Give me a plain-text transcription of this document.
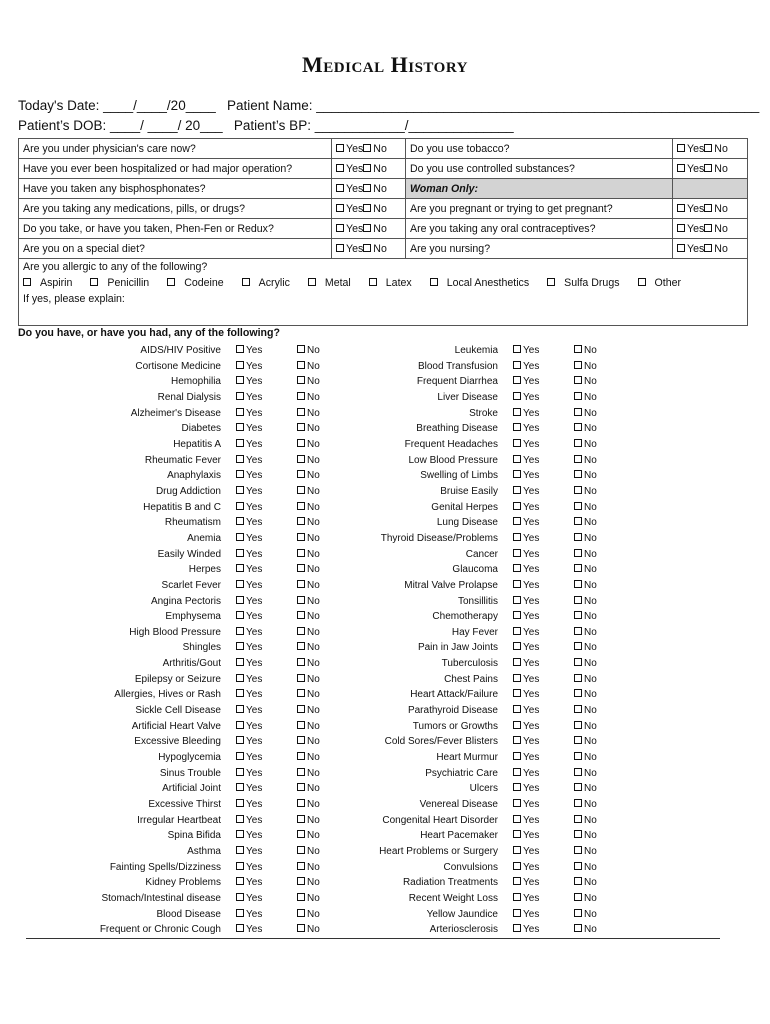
Medical History
Today's Date: ____/____/20____   Patient Name: ___________________________________________________________
Patient’s DOB: ____/ ____/ 20___   Patient’s BP: ____________/______________
Are you under physician's care now?	Yes No	Do you use tobacco?	Yes No
Have you ever been hospitalized or had major operation?	Yes No	Do you use controlled substances?	Yes No
Have you taken any bisphosphonates?	Yes No	Woman Only:	
Are you taking any medications, pills, or drugs?	Yes No	Are you pregnant or trying to get pregnant?	Yes No
Do you take, or have you taken, Phen-Fen or Redux?	Yes No	Are you taking any oral contraceptives?	Yes No
Are you on a special diet?	Yes No	Are you nursing?	Yes No

Are you allergic to any of the following?
Aspirin Penicillin Codeine Acrylic Metal Latex Local Anesthetics Sulfa Drugs Other
If yes, please explain:			
Do you have, or have you had, any of the following?
AIDS/HIV Positive	Yes	No
Cortisone Medicine	Yes	No
Hemophilia	Yes	No
Renal Dialysis	Yes	No
Alzheimer's Disease	Yes	No
Diabetes	Yes	No
Hepatitis A	Yes	No
Rheumatic Fever	Yes	No
Anaphylaxis	Yes	No
Drug Addiction	Yes	No
Hepatitis B and C	Yes	No
Rheumatism	Yes	No
Anemia	Yes	No
Easily Winded	Yes	No
Herpes	Yes	No
Scarlet Fever	Yes	No
Angina Pectoris	Yes	No
Emphysema	Yes	No
High Blood Pressure	Yes	No
Shingles	Yes	No
Arthritis/Gout	Yes	No
Epilepsy or Seizure	Yes	No
Allergies, Hives or Rash	Yes	No
Sickle Cell Disease	Yes	No
Artificial Heart Valve	Yes	No
Excessive Bleeding	Yes	No
Hypoglycemia	Yes	No
Sinus Trouble	Yes	No
Artificial Joint	Yes	No
Excessive Thirst	Yes	No
Irregular Heartbeat	Yes	No
Spina Bifida	Yes	No
Asthma	Yes	No
Fainting Spells/Dizziness	Yes	No
Kidney Problems	Yes	No
Stomach/Intestinal disease	Yes	No
Blood Disease	Yes	No
Frequent or Chronic Cough	Yes	No
Leukemia	Yes	No
Blood Transfusion	Yes	No
Frequent Diarrhea	Yes	No
Liver Disease	Yes	No
Stroke	Yes	No
Breathing Disease	Yes	No
Frequent Headaches	Yes	No
Low Blood Pressure	Yes	No
Swelling of Limbs	Yes	No
Bruise Easily	Yes	No
Genital Herpes	Yes	No
Lung Disease	Yes	No
Thyroid Disease/Problems	Yes	No
Cancer	Yes	No
Glaucoma	Yes	No
Mitral Valve Prolapse	Yes	No
Tonsillitis	Yes	No
Chemotherapy	Yes	No
Hay Fever	Yes	No
Pain in Jaw Joints	Yes	No
Tuberculosis	Yes	No
Chest Pains	Yes	No
Heart Attack/Failure	Yes	No
Parathyroid Disease	Yes	No
Tumors or Growths	Yes	No
Cold Sores/Fever Blisters	Yes	No
Heart Murmur	Yes	No
Psychiatric Care	Yes	No
Ulcers	Yes	No
Venereal Disease	Yes	No
Congenital Heart Disorder	Yes	No
Heart Pacemaker	Yes	No
Heart Problems or Surgery	Yes	No
Convulsions	Yes	No
Radiation Treatments	Yes	No
Recent Weight Loss	Yes	No
Yellow Jaundice	Yes	No
Arteriosclerosis	Yes	No
